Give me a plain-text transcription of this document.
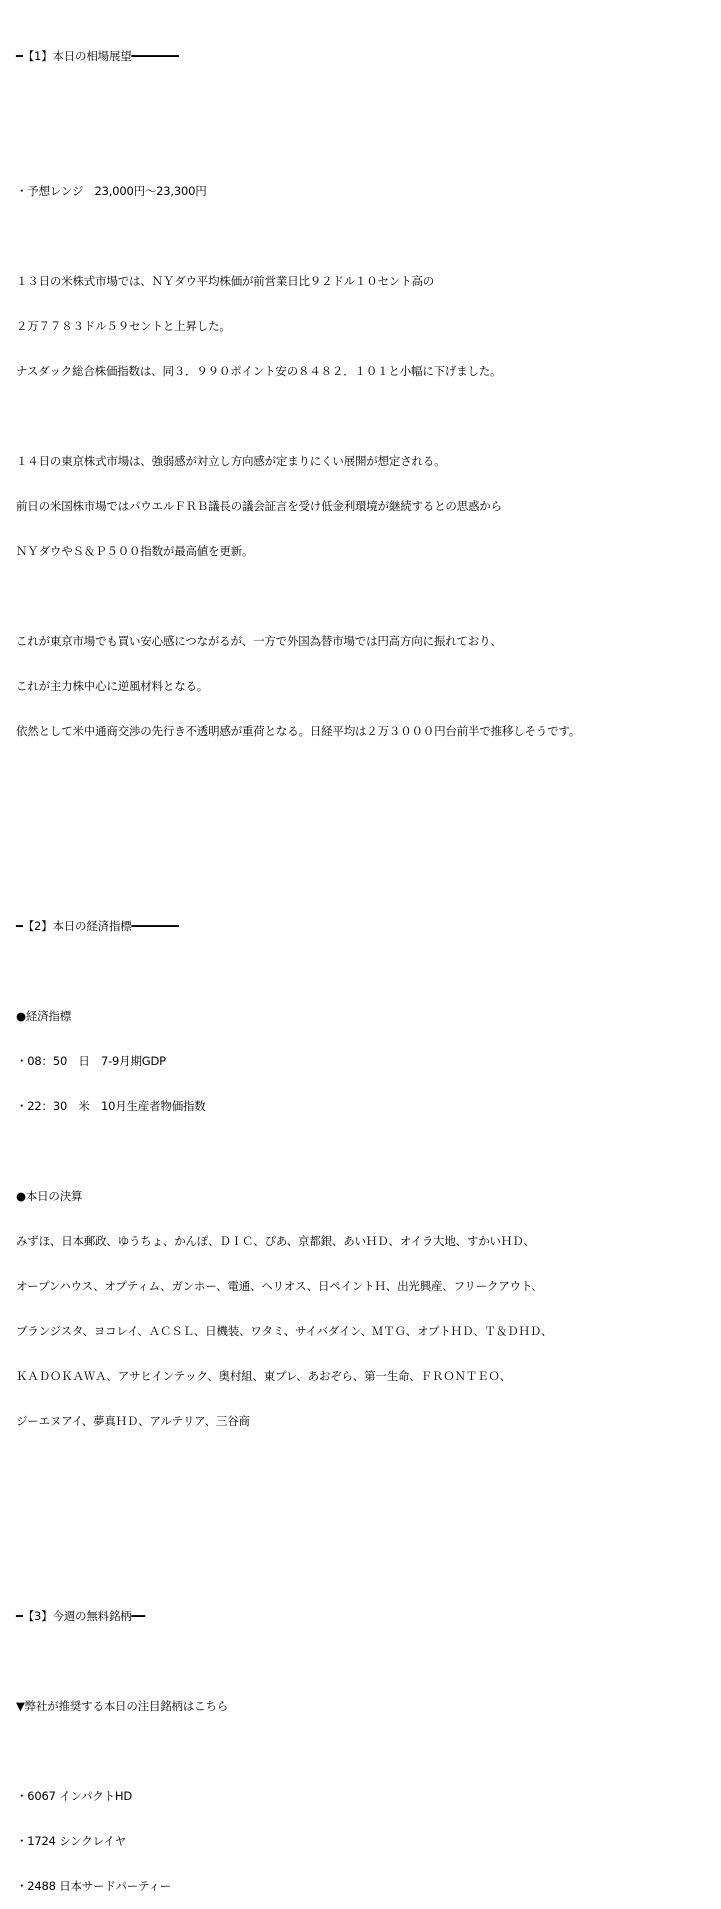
━【1】本日の相場展望━━━━━━━

・予想レンジ　23,000円～23,300円

１３日の米株式市場では、ＮＹダウ平均株価が前営業日比９２ドル１０セント高の

２万７７８３ドル５９セントと上昇した。

ナスダック総合株価指数は、同３．９９０ポイント安の８４８２．１０１と小幅に下げました。

１４日の東京株式市場は、強弱感が対立し方向感が定まりにくい展開が想定される。

前日の米国株市場ではパウエルＦＲＢ議長の議会証言を受け低金利環境が継続するとの思惑から

ＮＹダウやＳ＆Ｐ５００指数が最高値を更新。

これが東京市場でも買い安心感につながるが、一方で外国為替市場では円高方向に振れており、

これが主力株中心に逆風材料となる。

依然として米中通商交渉の先行き不透明感が重荷となる。日経平均は２万３０００円台前半で推移しそうです。

━【2】本日の経済指標━━━━━━━

●経済指標

・08：50　日　7-9月期GDP

・22：30　米　10月生産者物価指数

●本日の決算

みずほ、日本郵政、ゆうちょ、かんぽ、ＤＩＣ、ぴあ、京都銀、あいＨＤ、オイラ大地、すかいＨＤ、

オープンハウス、オプティム、ガンホー、電通、ヘリオス、日ペイントＨ、出光興産、フリークアウト、

ブランジスタ、ヨコレイ、ＡＣＳＬ、日機装、ワタミ、サイバダイン、ＭＴＧ、オプトＨＤ、Ｔ＆ＤＨＤ、

ＫＡＤＯＫＡＷＡ、アサヒインテック、奥村組、東プレ、あおぞら、第一生命、ＦＲＯＮＴＥＯ、

ジーエヌアイ、夢真ＨＤ、アルテリア、三谷商

━【3】今週の無料銘柄━━

▼弊社が推奨する本日の注目銘柄はこちら

・6067 インパクトHD

・1724 シンクレイヤ

・2488 日本サードパーティー
